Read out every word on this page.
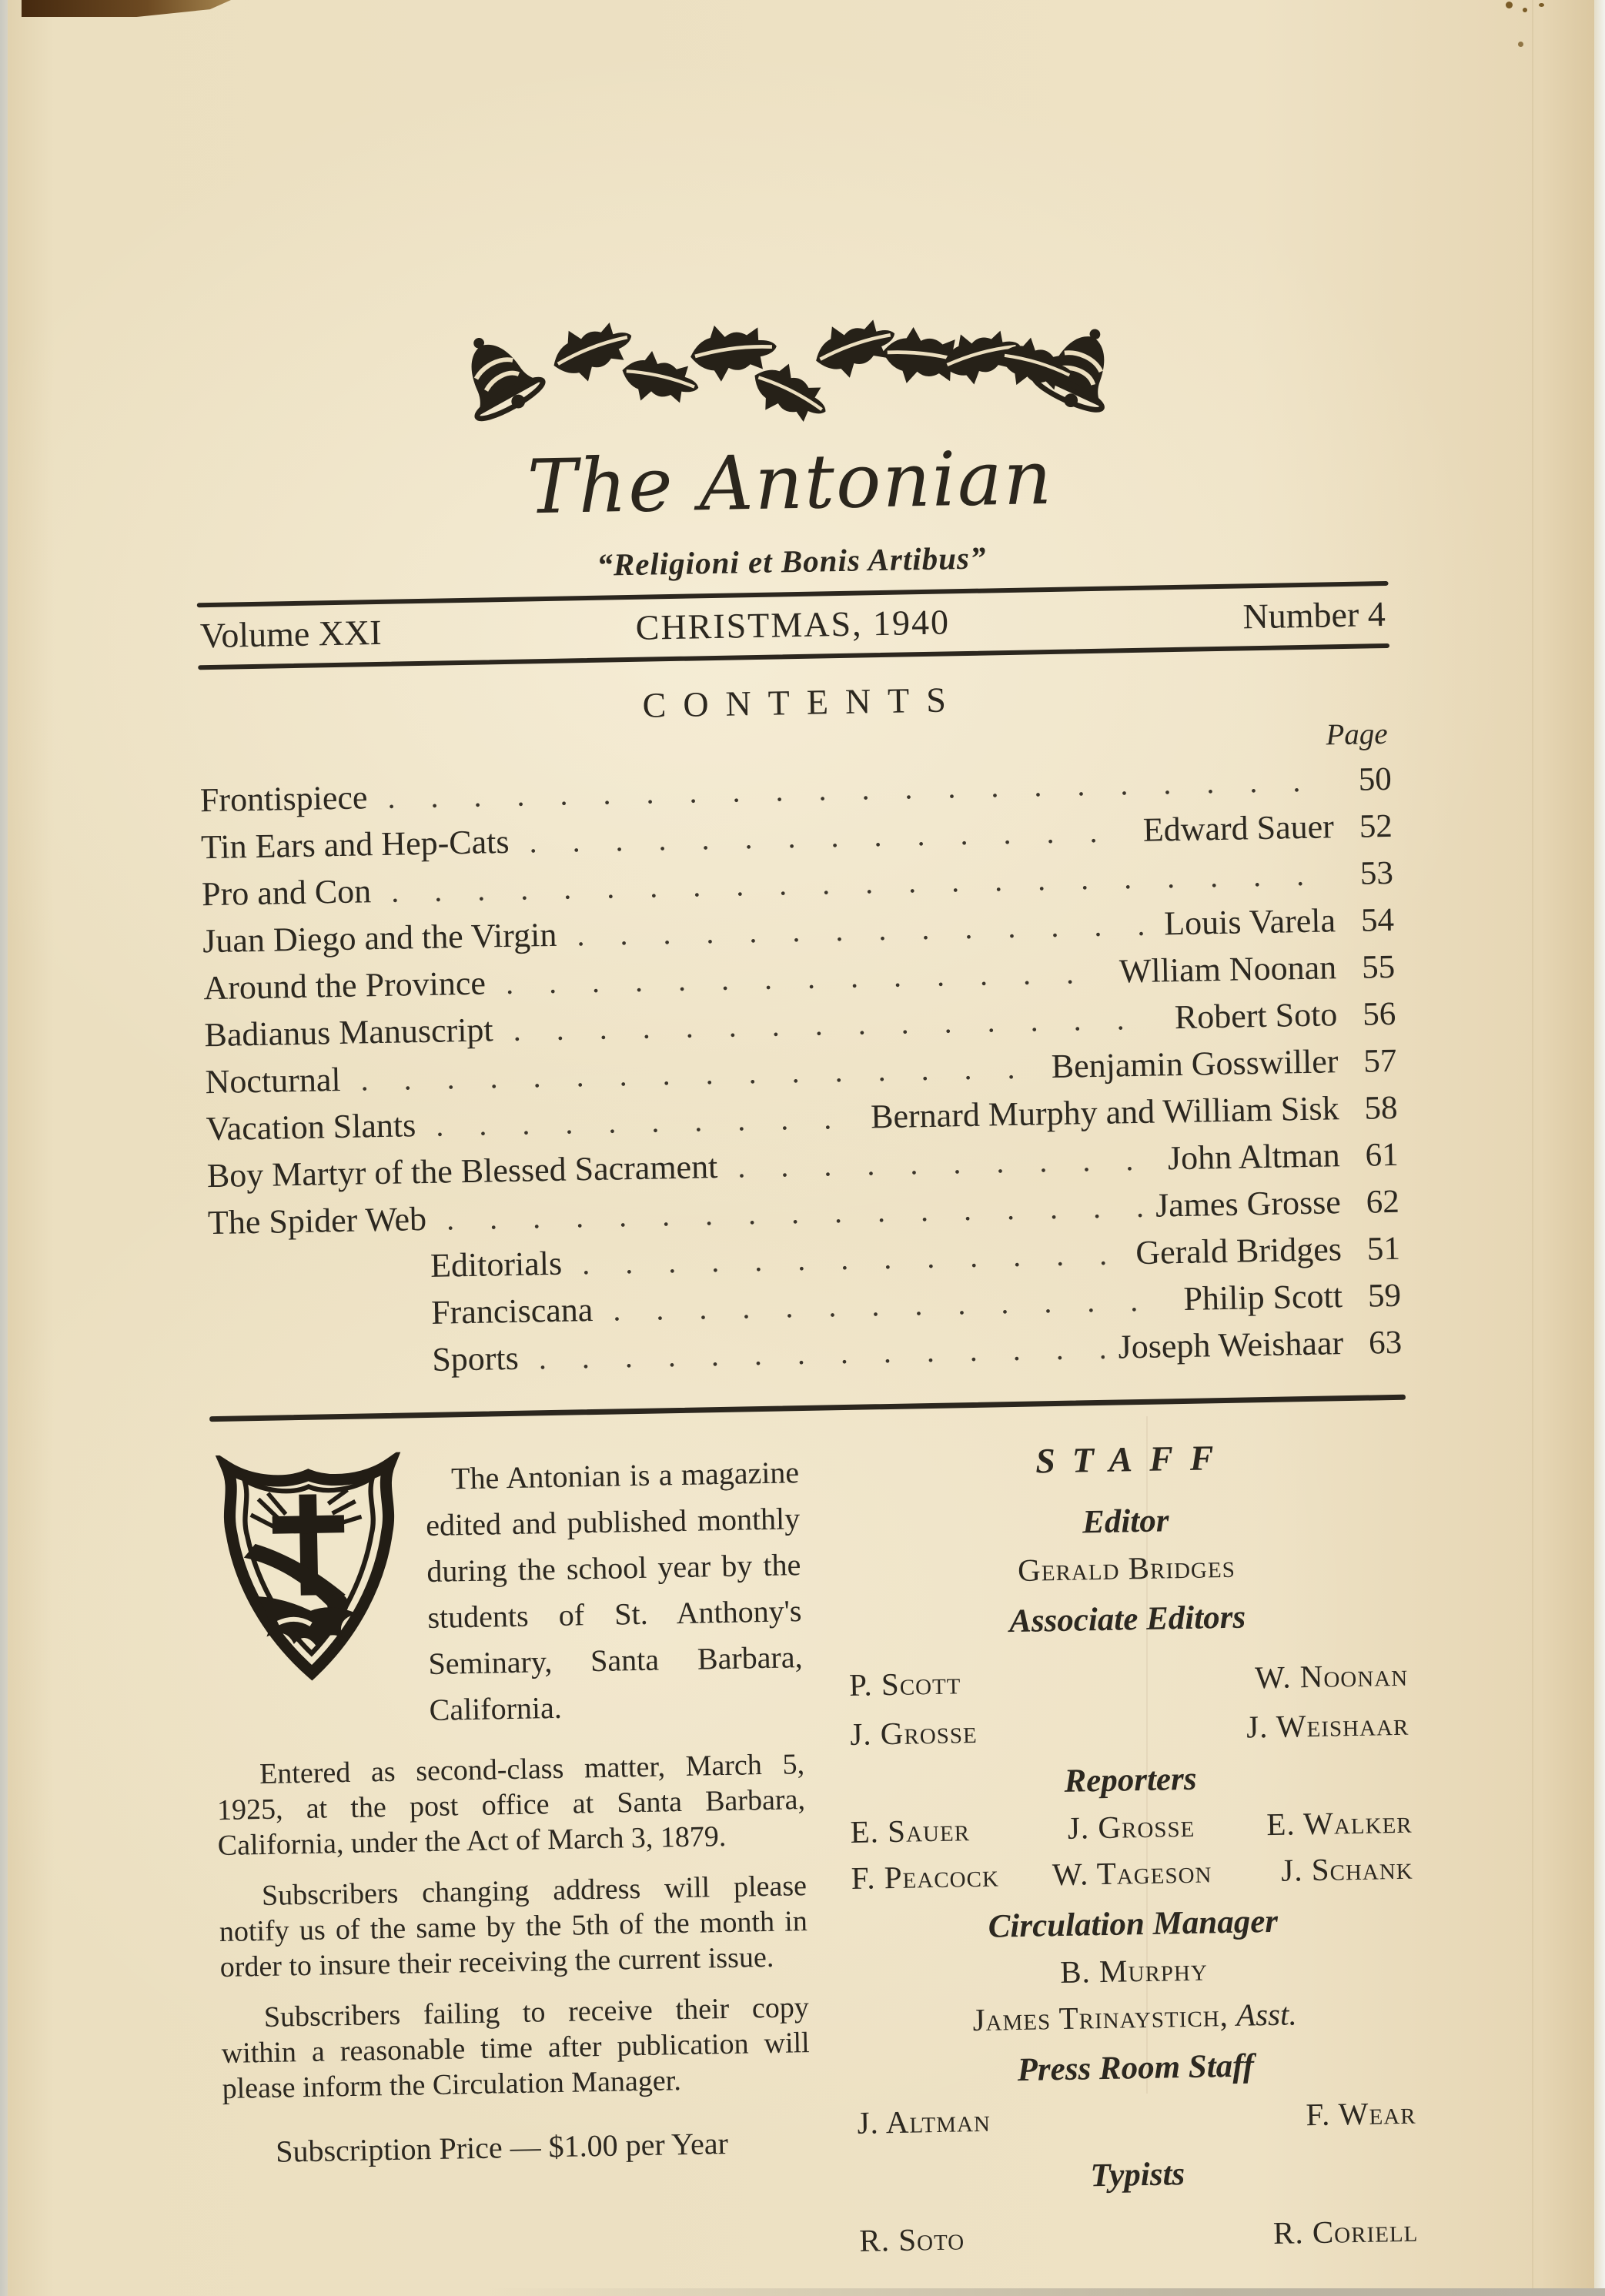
The Antonian
“Religioni et Bonis Artibus”
Volume XXI	CHRISTMAS, 1940	Number 4
CONTENTS
Page
Frontispiece .....	50
Tin Ears and Hep-Cats .....	Edward Sauer 52
Pro and Con .....	53
Juan Diego and the Virgin .....	Louis Varela 54
Around the Province .....	Wlliam Noonan 55
Badianus Manuscript .....	Robert Soto 56
Nocturnal .....	Benjamin Gosswiller 57
Vacation Slants .....	Bernard Murphy and William Sisk 58
Boy Martyr of the Blessed Sacrament .....	John Altman 61
The Spider Web .....	James Grosse 62
Editorials .....	Gerald Bridges 51
Franciscana .....	Philip Scott 59
Sports .....	Joseph Weishaar 63
The Antonian is a magazine edited and published monthly during the school year by the students of St. Anthony's Seminary, Santa Barbara, California.

Entered as second-class matter, March 5, 1925, at the post office at Santa Barbara, California, under the Act of March 3, 1879.

Subscribers changing address will please notify us of the same by the 5th of the month in order to insure their receiving the current issue.

Subscribers failing to receive their copy within a reasonable time after publication will please inform the Circulation Manager.

Subscription Price — $1.00 per Year
STAFF
Editor
Gerald Bridges
Associate Editors
P. Scott	W. Noonan
J. Grosse	J. Weishaar
Reporters
E. Sauer	J. Grosse	E. Walker
F. Peacock	W. Tageson	J. Schank
Circulation Manager
B. Murphy
James Trinaystich, Asst.
Press Room Staff
J. Altman	F. Wear
Typists
R. Soto	R. Coriell
